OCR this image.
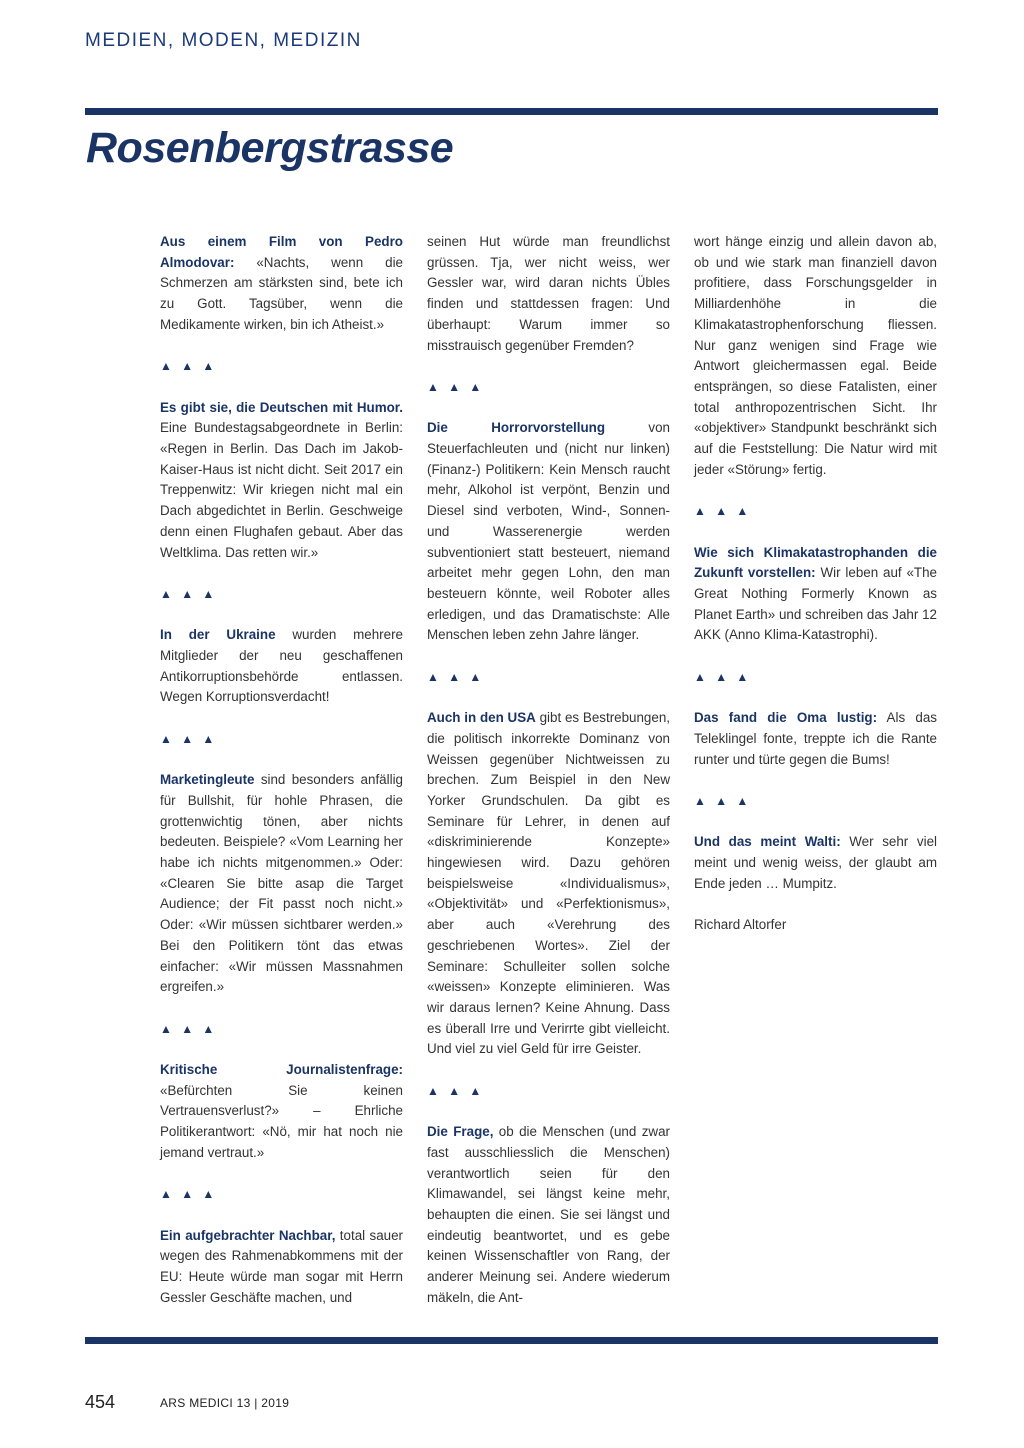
MEDIEN, MODEN, MEDIZIN
Rosenbergstrasse

Aus einem Film von Pedro Almodovar: «Nachts, wenn die Schmerzen am stärksten sind, bete ich zu Gott. Tagsüber, wenn die Medikamente wirken, bin ich Atheist.»

▲ ▲ ▲

Es gibt sie, die Deutschen mit Humor. Eine Bundestagsabgeordnete in Berlin: «Regen in Berlin. Das Dach im Jakob-Kaiser-Haus ist nicht dicht. Seit 2017 ein Treppenwitz: Wir kriegen nicht mal ein Dach abgedichtet in Berlin. Geschweige denn einen Flughafen gebaut. Aber das Weltklima. Das retten wir.»

▲ ▲ ▲

In der Ukraine wurden mehrere Mitglieder der neu geschaffenen Antikorruptionsbehörde entlassen. Wegen Korruptionsverdacht!

▲ ▲ ▲

Marketingleute sind besonders anfällig für Bullshit, für hohle Phrasen, die grottenwichtig tönen, aber nichts bedeuten. Beispiele? «Vom Learning her habe ich nichts mitgenommen.» Oder: «Clearen Sie bitte asap die Target Audience; der Fit passt noch nicht.» Oder: «Wir müssen sichtbarer werden.» Bei den Politikern tönt das etwas einfacher: «Wir müssen Massnahmen ergreifen.»

▲ ▲ ▲

Kritische Journalistenfrage: «Befürchten Sie keinen Vertrauensverlust?» – Ehrliche Politikerantwort: «Nö, mir hat noch nie jemand vertraut.»

▲ ▲ ▲

Ein aufgebrachter Nachbar, total sauer wegen des Rahmenabkommens mit der EU: Heute würde man sogar mit Herrn Gessler Geschäfte machen, und

seinen Hut würde man freundlichst grüssen. Tja, wer nicht weiss, wer Gessler war, wird daran nichts Übles finden und stattdessen fragen: Und überhaupt: Warum immer so misstrauisch gegenüber Fremden?

▲ ▲ ▲

Die Horrorvorstellung von Steuerfachleuten und (nicht nur linken) (Finanz-) Politikern: Kein Mensch raucht mehr, Alkohol ist verpönt, Benzin und Diesel sind verboten, Wind-, Sonnen- und Wasserenergie werden subventioniert statt besteuert, niemand arbeitet mehr gegen Lohn, den man besteuern könnte, weil Roboter alles erledigen, und das Dramatischste: Alle Menschen leben zehn Jahre länger.

▲ ▲ ▲

Auch in den USA gibt es Bestrebungen, die politisch inkorrekte Dominanz von Weissen gegenüber Nichtweissen zu brechen. Zum Beispiel in den New Yorker Grundschulen. Da gibt es Seminare für Lehrer, in denen auf «diskriminierende Konzepte» hingewiesen wird. Dazu gehören beispielsweise «Individualismus», «Objektivität» und «Perfektionismus», aber auch «Verehrung des geschriebenen Wortes». Ziel der Seminare: Schulleiter sollen solche «weissen» Konzepte eliminieren. Was wir daraus lernen? Keine Ahnung. Dass es überall Irre und Verirrte gibt vielleicht. Und viel zu viel Geld für irre Geister.

▲ ▲ ▲

Die Frage, ob die Menschen (und zwar fast ausschliesslich die Menschen) verantwortlich seien für den Klimawandel, sei längst keine mehr, behaupten die einen. Sie sei längst und eindeutig beantwortet, und es gebe keinen Wissenschaftler von Rang, der anderer Meinung sei. Andere wiederum mäkeln, die Ant-

wort hänge einzig und allein davon ab, ob und wie stark man finanziell davon profitiere, dass Forschungsgelder in Milliardenhöhe in die Klimakatastrophenforschung fliessen. Nur ganz wenigen sind Frage wie Antwort gleichermassen egal. Beide entsprängen, so diese Fatalisten, einer total anthropozentrischen Sicht. Ihr «objektiver» Standpunkt beschränkt sich auf die Feststellung: Die Natur wird mit jeder «Störung» fertig.

▲ ▲ ▲

Wie sich Klimakatastrophanden die Zukunft vorstellen: Wir leben auf «The Great Nothing Formerly Known as Planet Earth» und schreiben das Jahr 12 AKK (Anno Klima-Katastrophi).

▲ ▲ ▲

Das fand die Oma lustig: Als das Teleklingel fonte, treppte ich die Rante runter und türte gegen die Bums!

▲ ▲ ▲

Und das meint Walti: Wer sehr viel meint und wenig weiss, der glaubt am Ende jeden … Mumpitz.

Richard Altorfer

454	ARS MEDICI 13 | 2019
